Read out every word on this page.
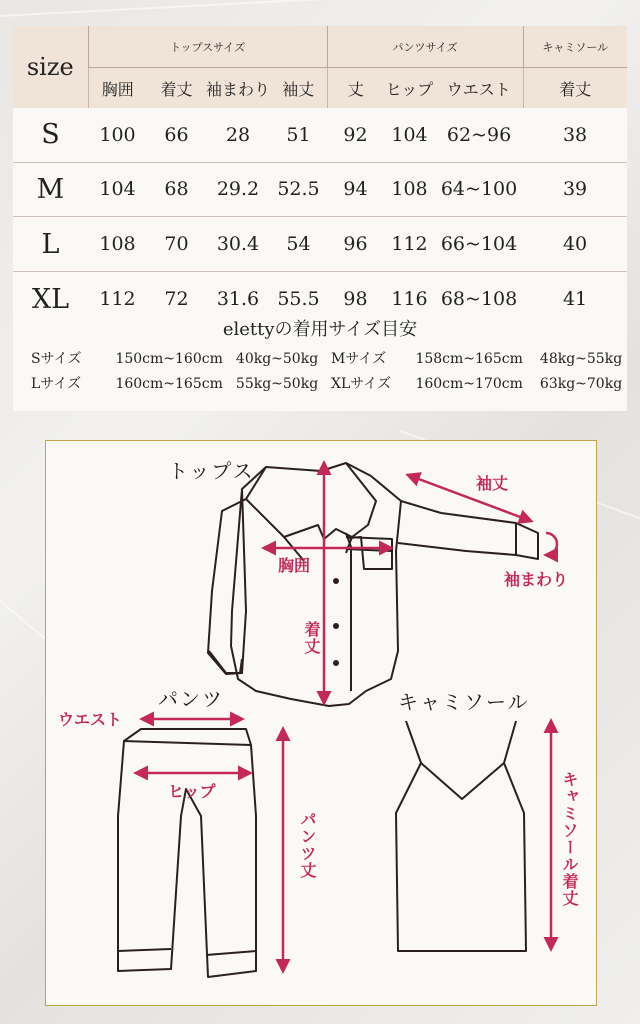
size	トップスサイズ				パンツサイズ			キャミソール
	胸囲	着丈	袖まわり	袖丈	丈	ヒップ	ウエスト	着丈
S	100	66	28	51	92	104	62~96	38
M	104	68	29.2	52.5	94	108	64~100	39
L	108	70	30.4	54	96	112	66~104	40
XL	112	72	31.6	55.5	98	116	68~108	41
elettyの着用サイズ目安
Sサイズ 150cm~160cm 40kg~50kg Mサイズ 158cm~165cm 48kg~55kg
Lサイズ 160cm~165cm 55kg~50kg XLサイズ 160cm~170cm 63kg~70kg
トップス
パンツ	キャミソール
袖丈
袖まわり
胸囲
着丈
ウエスト
ヒップ
パンツ丈	キャミソール着丈
